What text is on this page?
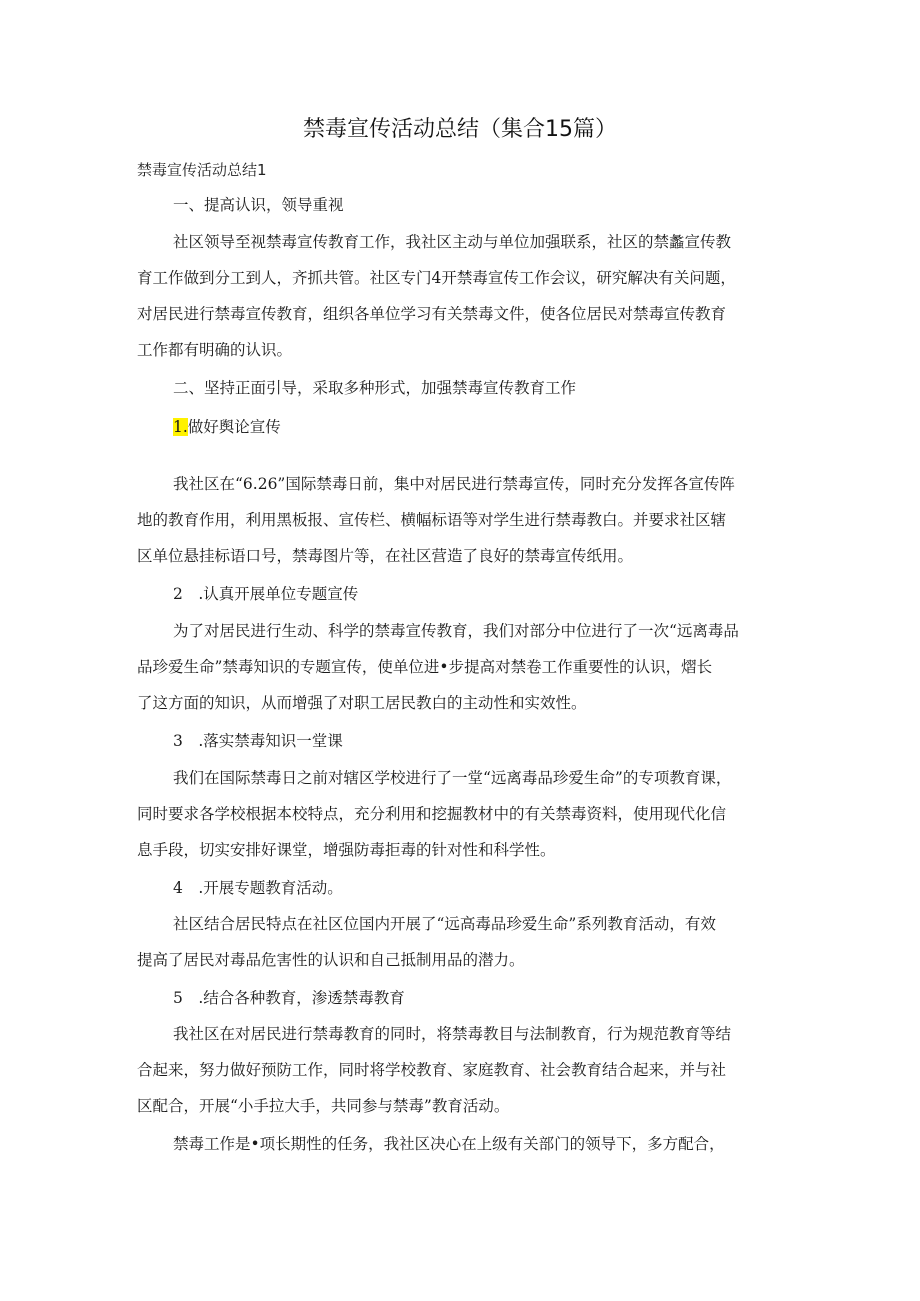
禁毒宣传活动总结（集合15篇）
禁毒宣传活动总结1
一、提高认识，领导重视
社区领导至视禁毒宣传教育工作，我社区主动与单位加强联系，社区的禁蠡宣传教
育工作做到分工到人，齐抓共管。社区专门4开禁毒宣传工作会议，研究解决有关问题，
对居民进行禁毒宣传教育，组织各单位学习有关禁毒文件，使各位居民对禁毒宣传教育
工作都有明确的认识。
二、坚持正面引导，采取多种形式，加强禁毒宣传教育工作
1.做好舆论宣传
我社区在“6.26”国际禁毒日前，集中对居民进行禁毒宣传，同时充分发挥各宣传阵
地的教育作用，利用黑板报、宣传栏、横幅标语等对学生进行禁毒教白。并要求社区辖
区单位悬挂标语口号，禁毒图片等，在社区营造了良好的禁毒宣传纸用。
2　.认真开展单位专题宣传
为了对居民进行生动、科学的禁毒宣传教育，我们对部分中位进行了一次“远离毒品
品珍爱生命”禁毒知识的专题宣传，使单位进•步提高对禁卷工作重要性的认识，熠长
了这方面的知识，从而增强了对职工居民教白的主动性和实效性。
3　.落实禁毒知识一堂课
我们在国际禁毒日之前对辖区学校进行了一堂“远离毒品珍爱生命”的专项教育课，
同时要求各学校根据本校特点，充分利用和挖掘教材中的有关禁毒资料，使用现代化信
息手段，切实安排好课堂，增强防毒拒毒的针对性和科学性。
4　.开展专题教育活动。
社区结合居民特点在社区位国内开展了“远高毒品珍爱生命”系列教育活动，有效
提高了居民对毒品危害性的认识和自己抵制用品的潜力。
5　.结合各种教育，渗透禁毒教育
我社区在对居民进行禁毒教育的同时，将禁毒教目与法制教育，行为规范教育等结
合起来，努力做好预防工作，同时将学校教育、家庭教育、社会教育结合起来，并与社
区配合，开展“小手拉大手，共同参与禁毒”教育活动。
禁毒工作是•项长期性的任务，我社区决心在上级有关部门的领导下，多方配合，
